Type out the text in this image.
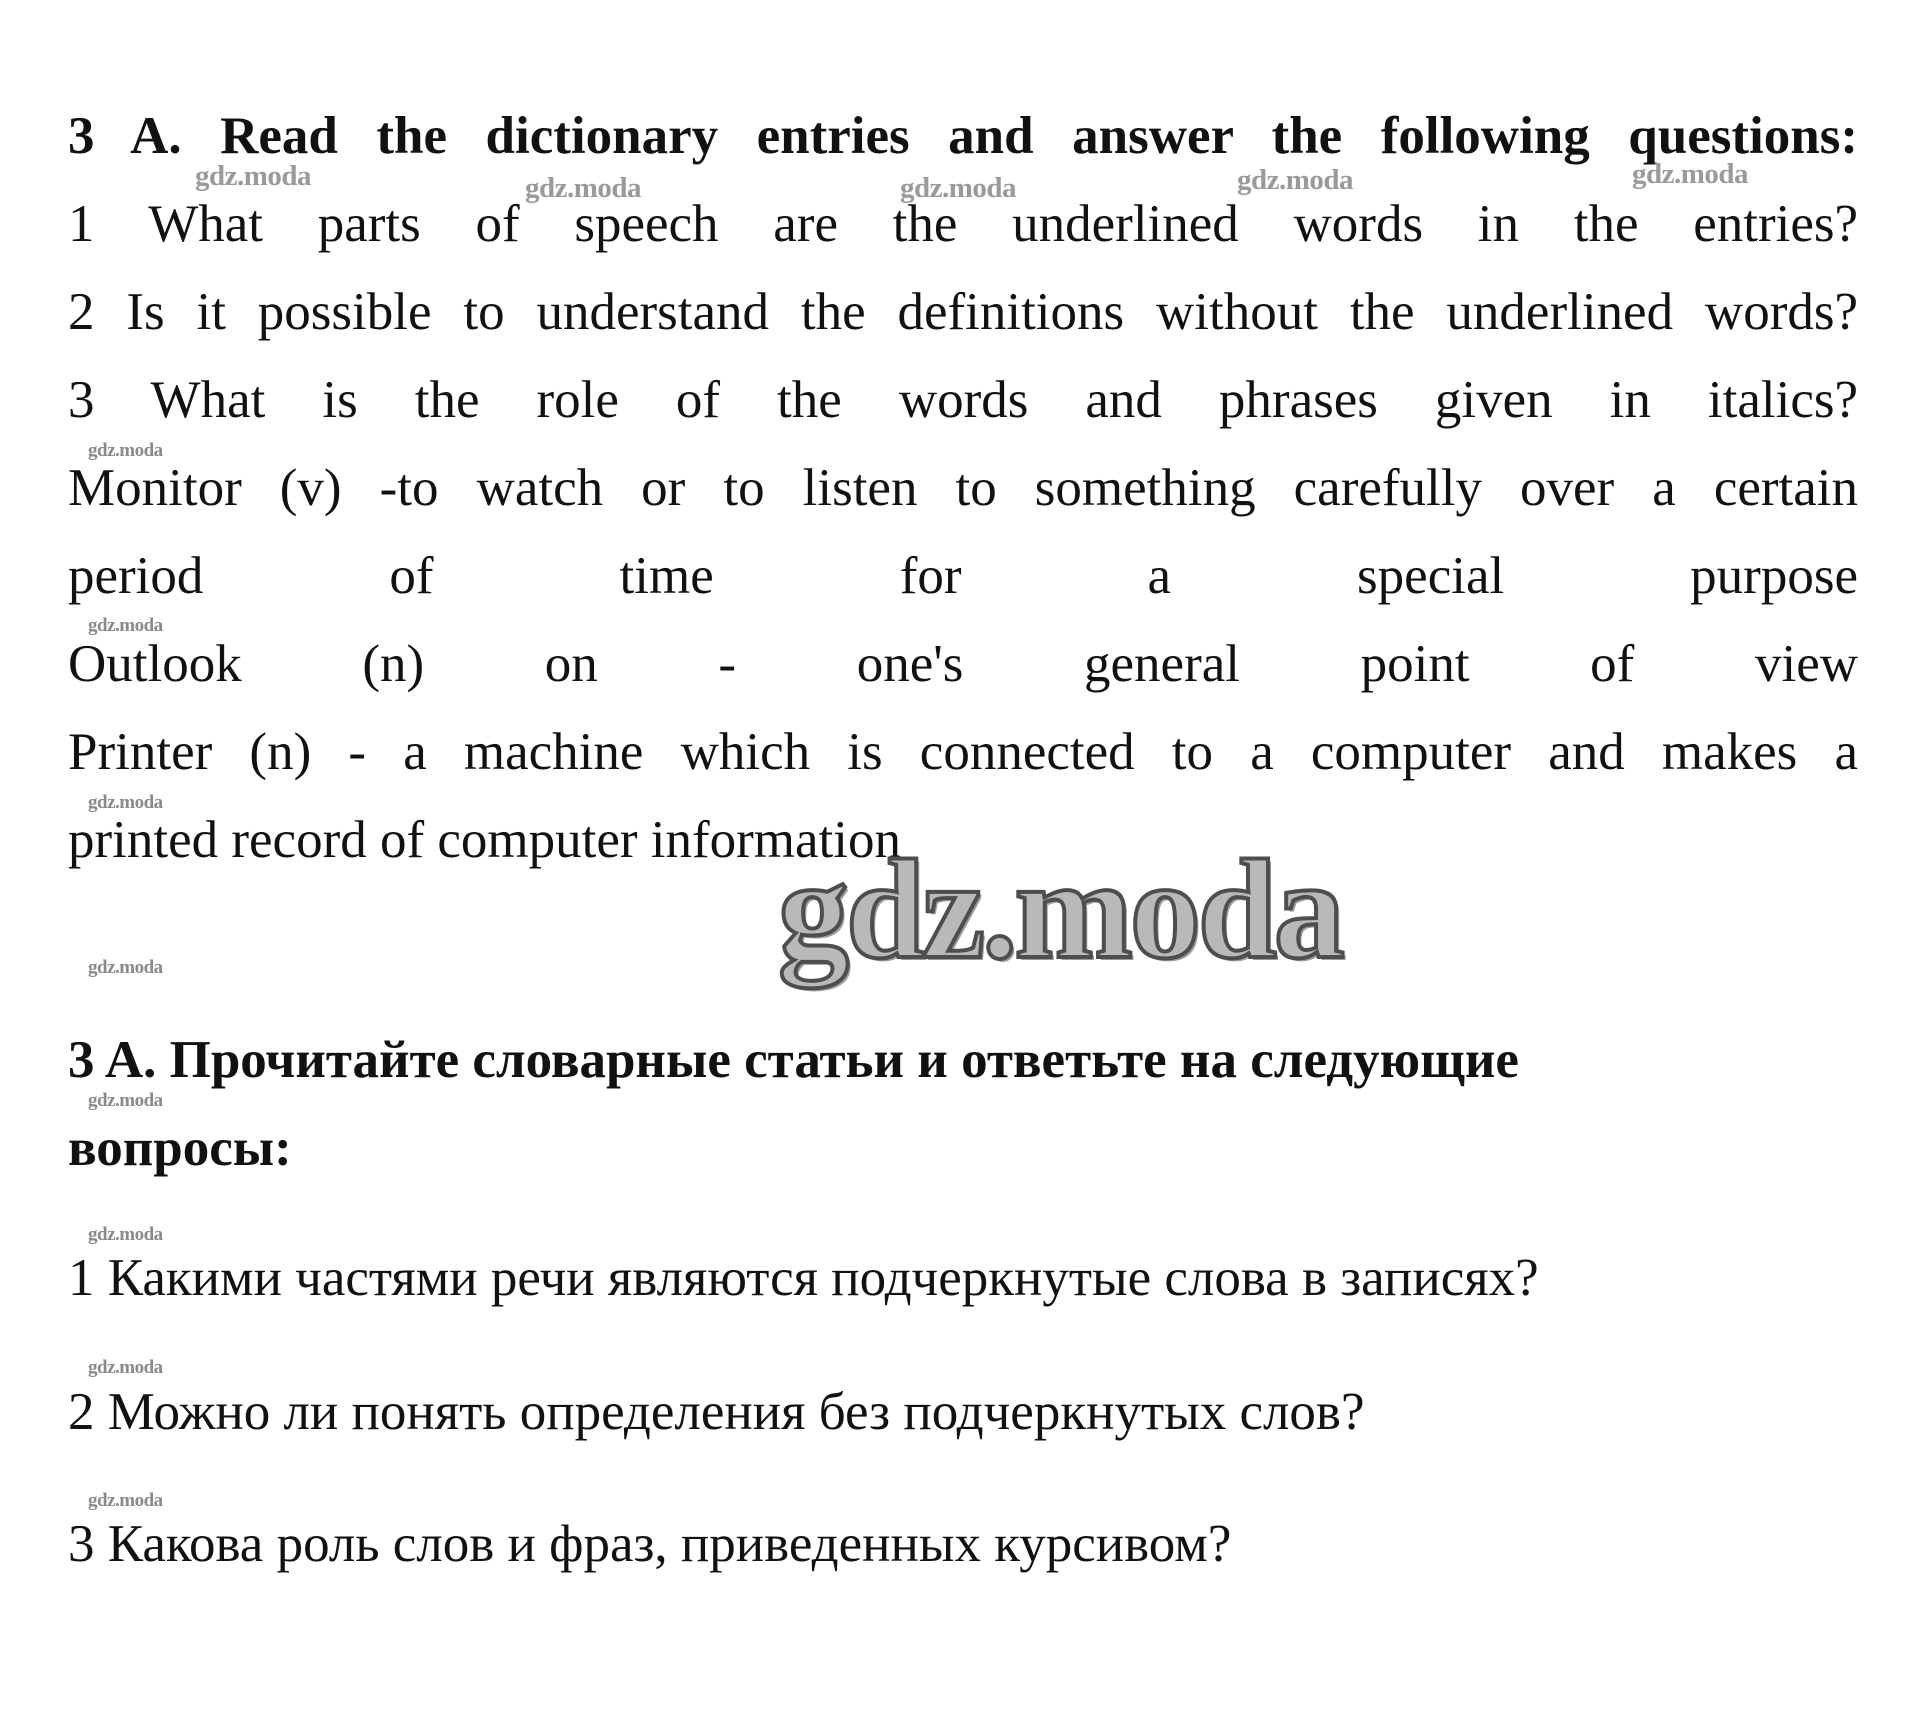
3 A. Read the dictionary entries and answer the following questions:
1 What parts of speech are the underlined words in the entries?
2 Is it possible to understand the definitions without the underlined words?
3 What is the role of the words and phrases given in italics?
Monitor (v) -to watch or to listen to something carefully over a certain
period of time for a special purpose
Outlook (n) on - one's general point of view
Printer (n) - a machine which is connected to a computer and makes a
printed record of computer information
gdz.moda
3 A. Прочитайте словарные статьи и ответьте на следующие
вопросы:
1 Какими частями речи являются подчеркнутые слова в записях?
2 Можно ли понять определения без подчеркнутых слов?
3 Какова роль слов и фраз, приведенных курсивом?
gdz.moda	gdz.moda	gdz.moda	gdz.moda	gdz.moda
gdz.moda
gdz.moda
gdz.moda
gdz.moda
gdz.moda
gdz.moda
gdz.moda
gdz.moda
